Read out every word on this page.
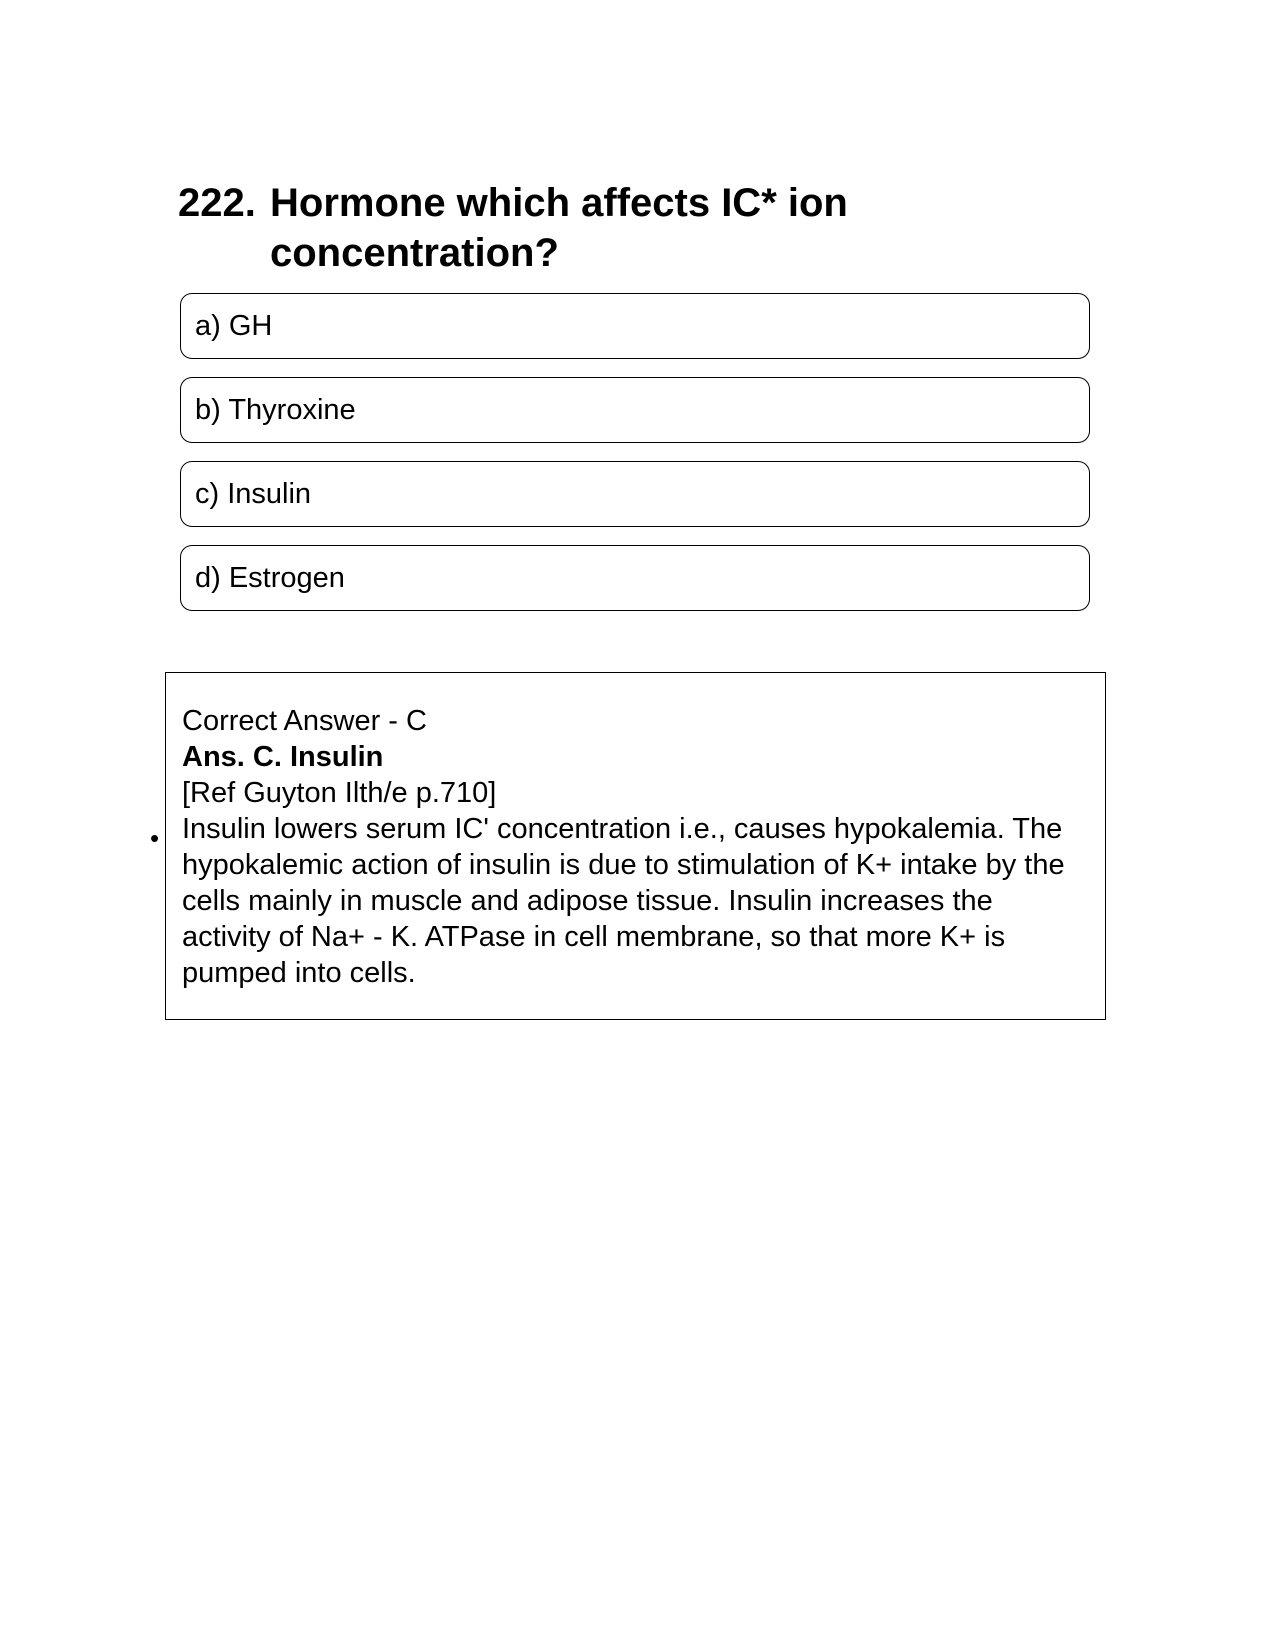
222. Hormone which affects IC* ion concentration?
a) GH
b) Thyroxine
c) Insulin
d) Estrogen
Correct Answer - C
Ans. C. Insulin
[Ref Guyton Ilth/e p.710]
Insulin lowers serum IC' concentration i.e., causes hypokalemia. The hypokalemic action of insulin is due to stimulation of K+ intake by the cells mainly in muscle and adipose tissue. Insulin increases the activity of Na+ - K. ATPase in cell membrane, so that more K+ is pumped into cells.
•
